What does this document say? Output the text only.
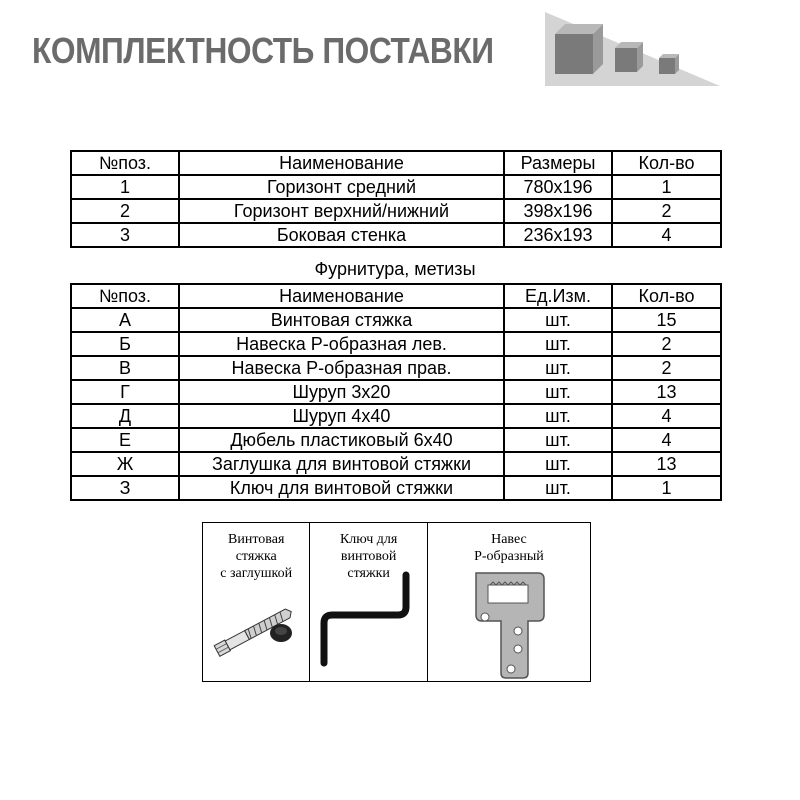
КОМПЛЕКТНОСТЬ ПОСТАВКИ
№поз.	Наименование	Размеры	Кол-во
1	Горизонт средний	780х196	1
2	Горизонт верхний/нижний	398х196	2
3	Боковая стенка	236х193	4
Фурнитура, метизы
№поз.	Наименование	Ед.Изм.	Кол-во
А	Винтовая стяжка	шт.	15
Б	Навеска Р-образная лев.	шт.	2
В	Навеска Р-образная прав.	шт.	2
Г	Шуруп 3х20	шт.	13
Д	Шуруп 4х40	шт.	4
Е	Дюбель пластиковый 6х40	шт.	4
Ж	Заглушка для винтовой стяжки	шт.	13
З	Ключ для винтовой стяжки	шт.	1
Винтовая
стяжка
с заглушкой
Ключ для
винтовой
стяжки
Навес
Р-образный
